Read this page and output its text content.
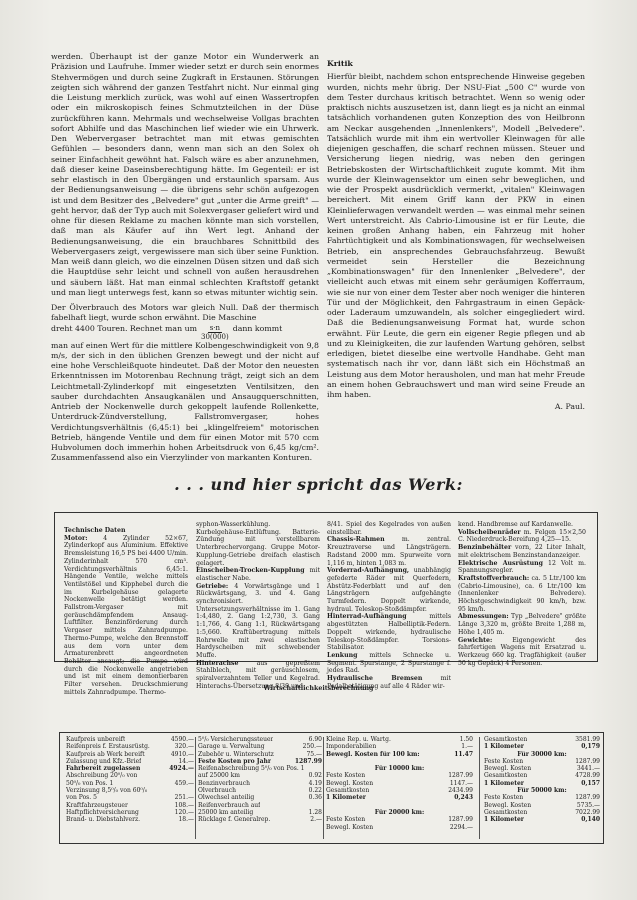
werden. Überhaupt ist der ganze Motor ein Wunderwerk an Präzision und Laufruhe. Immer wieder setzt er durch sein enormes Stehvermögen und durch seine Zugkraft in Erstaunen. Störungen zeigten sich während der ganzen Testfahrt nicht. Nur einmal ging die Leistung merklich zurück, was wohl auf einen Wassertropfen oder ein mikroskopisch feines Schmutzteilchen in der Düse zurückführen kann. Mehrmals und wechselweise Vollgas brachten sofort Abhilfe und das Maschinchen lief wieder wie ein Uhrwerk. Den Webervergaser betrachtet man mit etwas gemischten Gefühlen — besonders dann, wenn man sich an den Solex oh seiner Einfachheit gewöhnt hat. Falsch wäre es aber anzunehmen, daß dieser keine Daseinsberechtigung hätte. Im Gegenteil: er ist sehr elastisch in den Übergängen und erstaunlich sparsam. Aus der Bedienungsanweisung — die übrigens sehr schön aufgezogen ist und dem Besitzer des „Belvedere" gut „unter die Arme greift" — geht hervor, daß der Typ auch mit Solexvergaser geliefert wird und ohne für diesen Reklame zu machen könnte man sich vorstellen, daß man als Käufer auf ihn Wert legt. Anhand der Bedienungsanweisung, die ein brauchbares Schnittbild des Webervergasers zeigt, vergewissere man sich über seine Funktion. Man weiß dann gleich, wo die einzelnen Düsen sitzen und daß sich die Hauptdüse sehr leicht und schnell von außen herausdrehen und säubern läßt. Hat man einmal schlechten Kraftstoff getankt und man liegt unterwegs fest, kann so etwas mitunter wichtig sein.

Der Ölverbrauch des Motors war gleich Null. Daß der thermisch fabelhaft liegt, wurde schon erwähnt. Die Maschine

dreht 4400 Touren. Rechnet man um $\frac{s\cdot n}{30(000)}$ dann kommt

man auf einen Wert für die mittlere Kolbengeschwindigkeit von 9,8 m/s, der sich in den üblichen Grenzen bewegt und der nicht auf eine hohe Verschleißquote hindeutet. Daß der Motor den neuesten Erkenntnissen im Motorenbau Rechnung trägt, zeigt sich an dem Leichtmetall-Zylinderkopf mit eingesetzten Ventilsitzen, den sauber durchdachten Ansaugkanälen und Ansaugquerschnitten, Antrieb der Nockenwelle durch gekoppelt laufende Rollenkette, Unterdruck-Zündverstellung, Fallstromvergaser, hohes Verdichtungsverhältnis (6,45:1) bei „klingelfreiem" motorischen Betrieb, hängende Ventile und dem für einen Motor mit 570 ccm Hubvolumen doch immerhin hohen Arbeitsdruck von 6,45 kg/cm². Zusammenfassend also ein Vierzylinder von markanten Konturen.

Kritik

Hierfür bleibt, nachdem schon entsprechende Hinweise gegeben wurden, nichts mehr übrig. Der NSU-Fiat „500 C" wurde von dem Tester durchaus kritisch betrachtet. Wenn so wenig oder praktisch nichts auszusetzen ist, dann liegt es ja nicht an einmal tatsächlich vorhandenen guten Konzeption des von Heilbronn am Neckar ausgehenden „Innenlenkers", Modell „Belvedere". Tatsächlich wurde mit ihm ein wertvoller Kleinwagen für alle diejenigen geschaffen, die scharf rechnen müssen. Steuer und Versicherung liegen niedrig, was neben den geringen Betriebskosten der Wirtschaftlichkeit zugute kommt. Mit ihm wurde der Kleinwagensektor um einen sehr beweglichen, und wie der Prospekt ausdrücklich vermerkt, „vitalen" Kleinwagen bereichert. Mit einem Griff kann der PKW in einen Kleinlieferwagen verwandelt werden — was einmal mehr seinen Wert unterstreicht. Als Cabrio-Limousine ist er für Leute, die keinen großen Anhang haben, ein Fahrzeug mit hoher Fahrtüchtigkeit und als Kombinationswagen, für wechselweisen Betrieb, ein ansprechendes Gebrauchsfahrzeug. Bewußt vermeidet sein Hersteller die Bezeichnung „Kombinationswagen" für den Innenlenker „Belvedere", der vielleicht auch etwas mit einem sehr geräumigen Kofferraum, wie sie nur von einer dem Tester aber noch weniger die hinteren Tür und der Möglichkeit, den Fahrgastraum in einen Gepäck- oder Laderaum umzuwandeln, als solcher eingegliedert wird. Daß die Bedienungsanweisung Format hat, wurde schon erwähnt. Für Leute, die gern ein eigener Regie pflegen und ab und zu Kleinigkeiten, die zur laufenden Wartung gehören, selbst erledigen, bietet dieselbe eine wertvolle Handhabe. Geht man systematisch nach ihr vor, dann läßt sich ein Höchstmaß an Leistung aus dem Motor herausholen, und man hat mehr Freude an einem hohen Gebrauchswert und man wird seine Freude an ihm haben.

A. Paul.

. . . und hier spricht das Werk:

Technische Daten

Motor: 4 Zylinder 52×67, Zylinderkopf aus Aluminium. Effektive Bremsleistung 16,5 PS bei 4400 U/min. Zylinderinhalt 570 cm³. Verdichtungsverhältnis 6,45:1. Hängende Ventile, welche mittels Ventilstößel und Kipphebel durch die im Kurbelgehäuse gelagerte Nockenwelle betätigt werden. Fallstrom-Vergaser mit geräuschdämpfendem Ansaug-Luftfilter. Benzinförderung durch Vergaser mittels Zahnradpumpe. Thermo-Pumpe, welche den Brennstoff aus dem vorn unter dem Armaturenbrett angeordneten Behälter ansaugt; die Pumpe wird durch die Nockenwelle angetrieben und ist mit einem demontierbaren Filter versehen. Druckschmierung mittels Zahnradpumpe. Thermo-

syphon-Wasserkühlung. Kurbelgehäuse-Entlüftung. Batterie-Zündung mit verstellbarem Unterbrechervorgang. Gruppe Motor-Kupplung-Getriebe dreifach elastisch gelagert.

Einscheiben-Trocken-Kupplung mit elastischer Nabe.

Getriebe: 4 Vorwärtsgänge und 1 Rückwärtsgang, 3. und 4. Gang synchronisiert. Untersetzungsverhältnisse im 1. Gang 1:4,480, 2. Gang 1:2,730, 3. Gang 1:1,766, 4. Gang 1:1, Rückwärtsgang 1:5,660. Kraftübertragung mittels Rohrwelle mit zwei elastischen Hardyscheiben mit schwebender Muffe.

Hinterachse aus gepreßtem Stahlblech, mit geräuschlosem, spiralverzahntem Teller und Kegelrad. Hinterachs-Übersetzung 8/39 und

8/41. Spiel des Kegelrades von außen einstellbar.

Chassis-Rahmen m. zentral. Kreuztraverse und Längsträgern. Radstand 2000 mm. Spurweite vorn 1,116 m, hinten 1,083 m.

Vorderrad-Aufhängung, unabhängig gefederte Räder mit Querfedern, Abstütz-Federblatt und auf den Längsträgern aufgehängte Turmfedern. Doppelt wirkende, hydraul. Teleskop-Stoßdämpfer.

Hinterrad-Aufhängung mittels abgestützten Halbelliptik-Federn. Doppelt wirkende, hydraulische Teleskop-Stoßdämpfer. Torsions-Stabilisator.

Lenkung mittels Schnecke u. Segment. Spurstange, 2 Spurstange f. jedes Rad.

Hydraulische Bremsen mit Pedalbetätigung auf alle 4 Räder wir-

kend. Handbremse auf Kardanwelle.

Vollscheibenräder m. Felgen 15×2,50 C. Niederdruck-Bereifung 4,25—15.

Benzinbehälter vorn, 22 Liter Inhalt, mit elektrischem Benzinstandanzeiger.

Elektrische Ausrüstung 12 Volt m. Spannungsregler.

Kraftstoffverbrauch: ca. 5 Ltr./100 km (Cabrio-Limousine), ca. 6 Ltr./100 km (Innenlenker Belvedere). Höchstgeschwindigkeit 90 km/h, bzw. 95 km/h.

Abmessungen: Typ „Belvedere" größte Länge 3,320 m, größte Breite 1,288 m, Höhe 1,405 m.

Gewichte: Eigengewicht des fahrfertigen Wagens mit Ersatzrad u. Werkzeug 660 kg. Tragfähigkeit (außer 50 kg Gepäck) 4 Personen.

Wirtschaftlichkeitsberechnung
Kaufpreis unbereift	4590.—
Reifenpreis f. Erstausrüstg.	320.—
Kaufpreis ab Werk bereift	4910.—
Zulassung und Kfz.-Brief	14.—
Fahrbereit zugelassen	4924.—
Abschreibung 20⁰/₀ von
50⁰/₀ von Pos. 1	459.—
Verzinsung 8,5⁰/₀ von 60⁰/₀
von Pos. 5	251.—
Kraftfahrzeugsteuer	108.—
Haftpflichtversicherung	120.—
Brand- u. Diebstahlverz.	18.—
5⁰/₀ Versicherungssteuer	6.90
Garage u. Verwaltung	250.—
Zubehör u. Winterschutz	75.—
Feste Kosten pro Jahr	1287.99
Reifenabschreibung 5⁰/₀ von Pos. 1
auf 25000 km	0.92
Benzinverbrauch	4.19
Ölverbrauch	0.22
Ölwechsel anteilig	0.36
Reifenverbrauch auf
25000 km anteilig	1.28
Rücklage f. Generalrep.	2.—
Kleine Rep. u. Wartg.	1.50
Imponderabilien	1.—
Bewegl. Kosten für 100 km:	11.47

Für 10000 km:
Feste Kosten	1287.99
Bewegl. Kosten	1147.—
Gesamtkosten	2434.99
1 Kilometer	0,243

Für 20000 km:
Feste Kosten	1287.99
Bewegl. Kosten	2294.—
Gesamtkosten	3581.99
1 Kilometer	0,179
Für 30000 km:
Feste Kosten	1287.99
Bewegl. Kosten	3441.—
Gesamtkosten	4728.99
1 Kilometer	0,157
Für 50000 km:
Feste Kosten	1287.99
Bewegl. Kosten	5735.—
Gesamtkosten	7022.99
1 Kilometer	0,140
